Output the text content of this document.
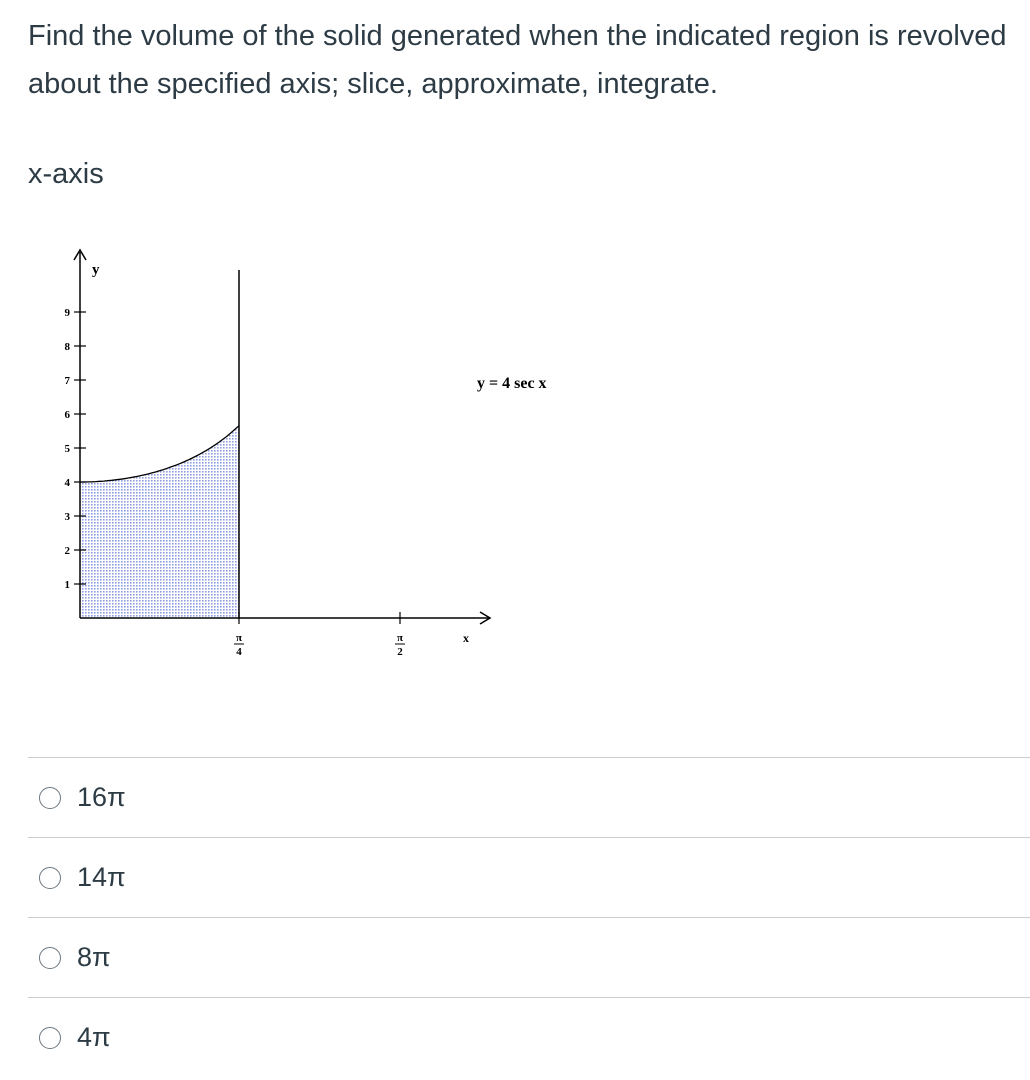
Find the volume of the solid generated when the indicated region is revolved about the specified axis; slice, approximate, integrate.
x-axis
y
x
1
2
3
4
5
6
7
8
9
π
4
π
2
y = 4 sec x
16π
14π
8π
4π
